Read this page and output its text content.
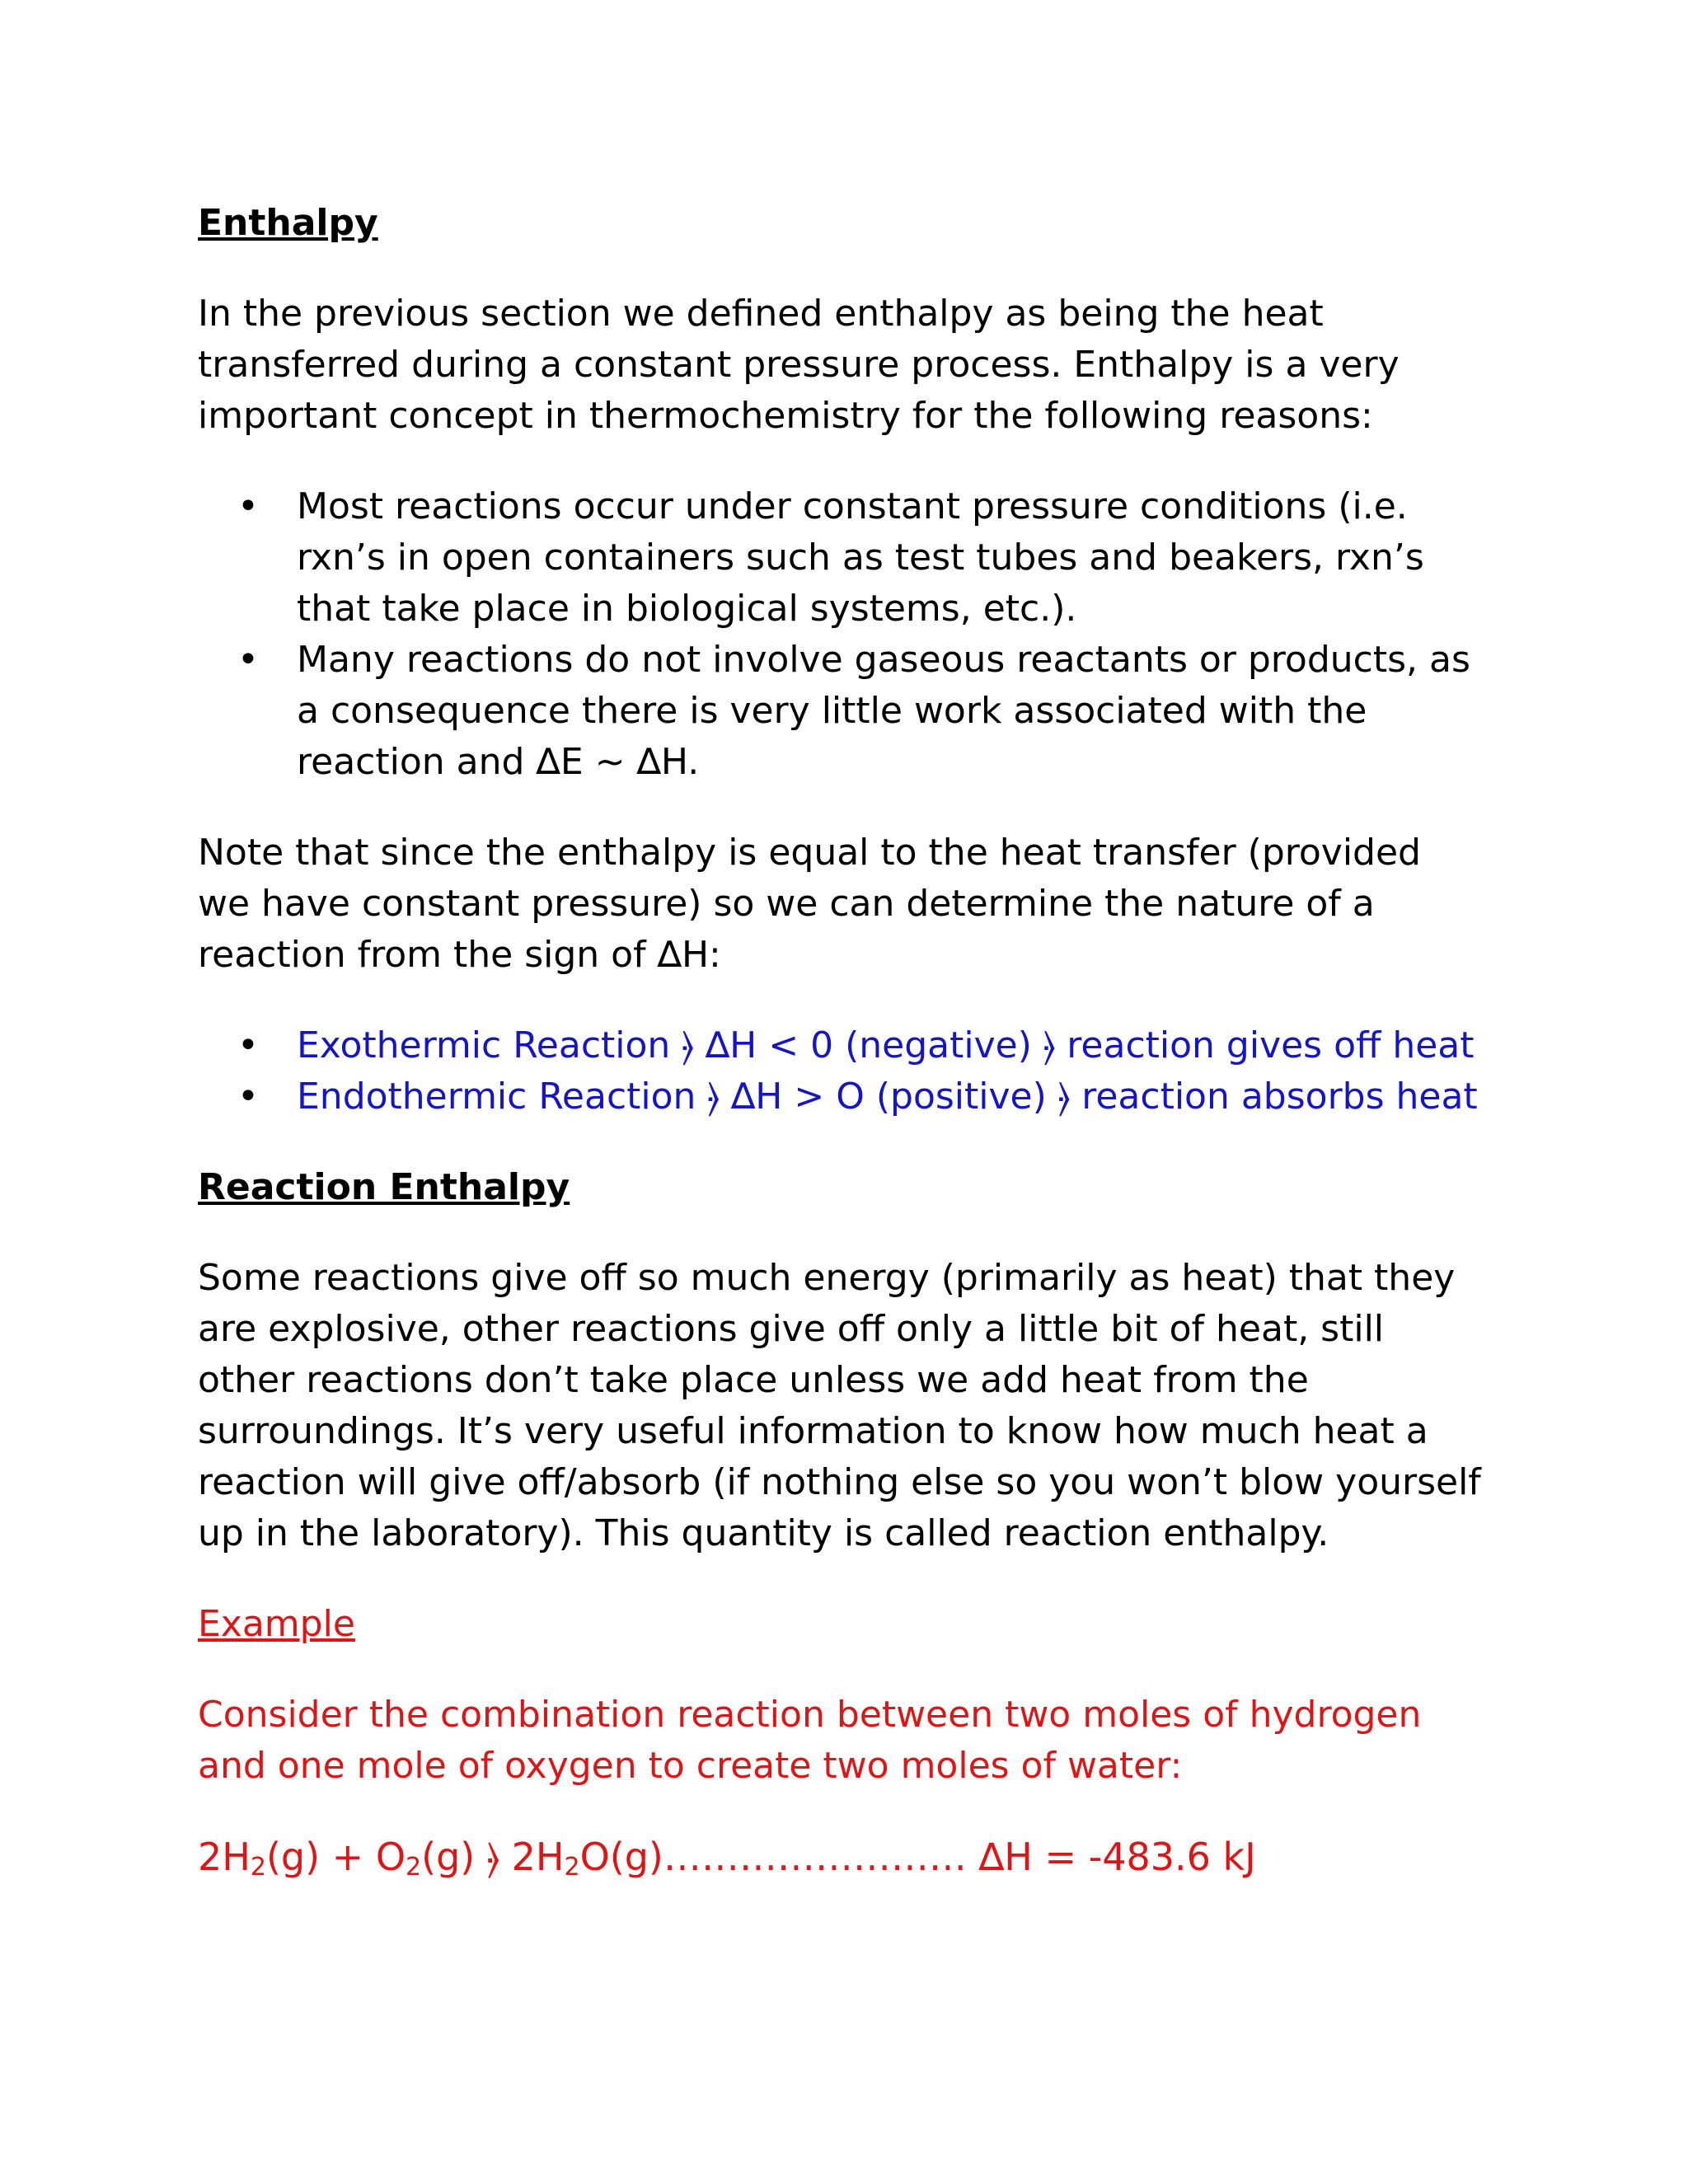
Enthalpy

In the previous section we defined enthalpy as being the heat transferred during a constant pressure process. Enthalpy is a very important concept in thermochemistry for the following reasons:

• Most reactions occur under constant pressure conditions (i.e. rxn’s in open containers such as test tubes and beakers, rxn’s that take place in biological systems, etc.).
• Many reactions do not involve gaseous reactants or products, as a consequence there is very little work associated with the reaction and ∆E ~ ∆H.

Note that since the enthalpy is equal to the heat transfer (provided we have constant pressure) so we can determine the nature of a reaction from the sign of ∆H:

• Exothermic Reaction ⦒ ∆H < 0 (negative) ⦒ reaction gives off heat
• Endothermic Reaction ⦒ ∆H > O (positive) ⦒ reaction absorbs heat

Reaction Enthalpy

Some reactions give off so much energy (primarily as heat) that they are explosive, other reactions give off only a little bit of heat, still other reactions don’t take place unless we add heat from the surroundings. It’s very useful information to know how much heat a reaction will give off/absorb (if nothing else so you won’t blow yourself up in the laboratory). This quantity is called reaction enthalpy.

Example

Consider the combination reaction between two moles of hydrogen and one mole of oxygen to create two moles of water:

$2H_2(g) + O_2(g)$ ⦒ $2H_2O(g)\dots\dots\dots\dots\dots\dots\dots\dots$ ∆H = -483.6 kJ
